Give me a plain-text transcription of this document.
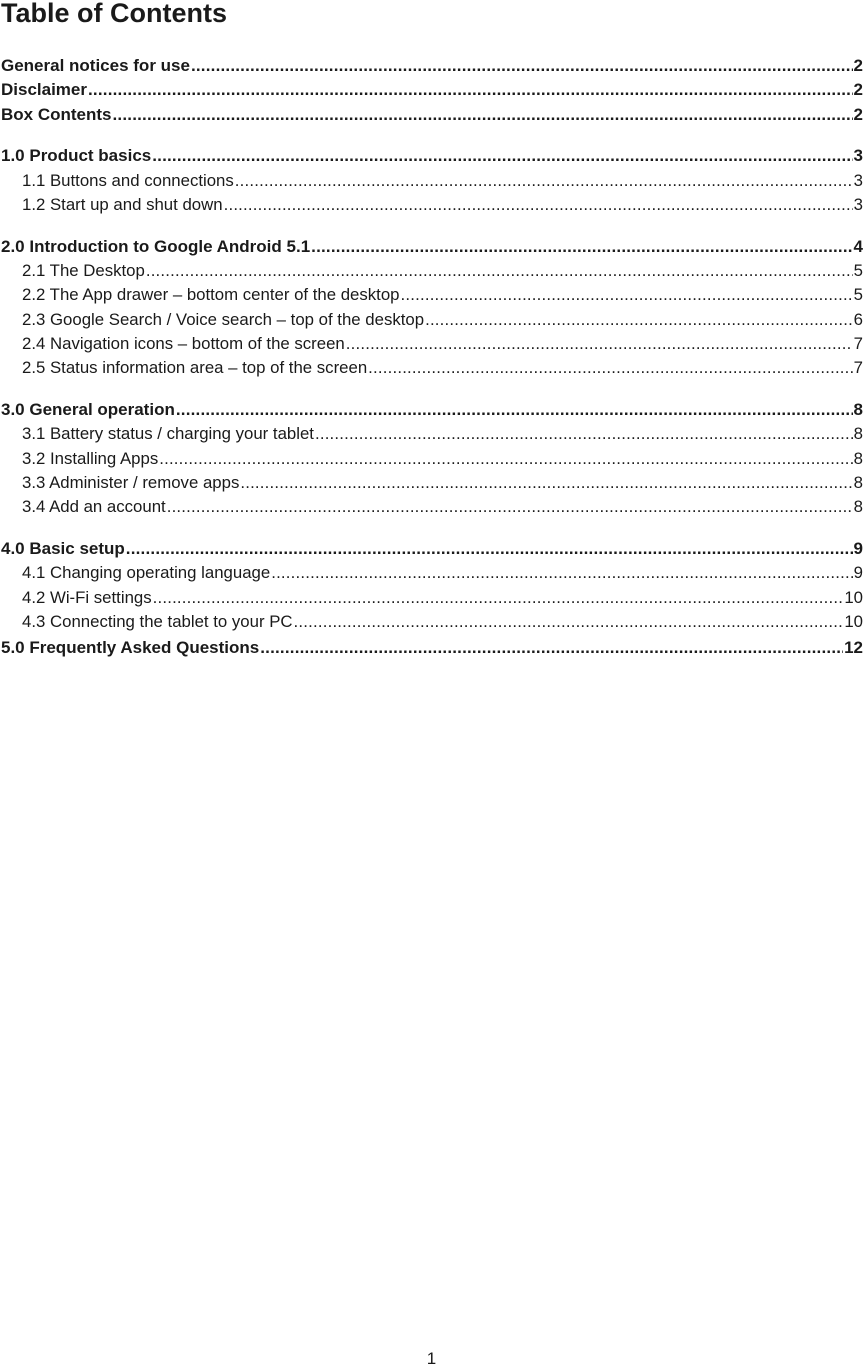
Table of Contents
General notices for use .....	2
Disclaimer .....	2
Box Contents .....	2
1.0 Product basics .....	3
1.1 Buttons and connections .....	3
1.2 Start up and shut down .....	3
2.0 Introduction to Google Android 5.1 .....	4
2.1 The Desktop .....	5
2.2 The App drawer – bottom center of the desktop .....	5
2.3 Google Search / Voice search – top of the desktop .....	6
2.4 Navigation icons – bottom of the screen .....	7
2.5 Status information area – top of the screen .....	7
3.0 General operation .....	8
3.1 Battery status / charging your tablet .....	8
3.2 Installing Apps .....	8
3.3 Administer / remove apps .....	8
3.4 Add an account .....	8
4.0 Basic setup .....	9
4.1 Changing operating language .....	9
4.2 Wi-Fi settings .....	10
4.3 Connecting the tablet to your PC .....	10
5.0 Frequently Asked Questions .....	12
1
